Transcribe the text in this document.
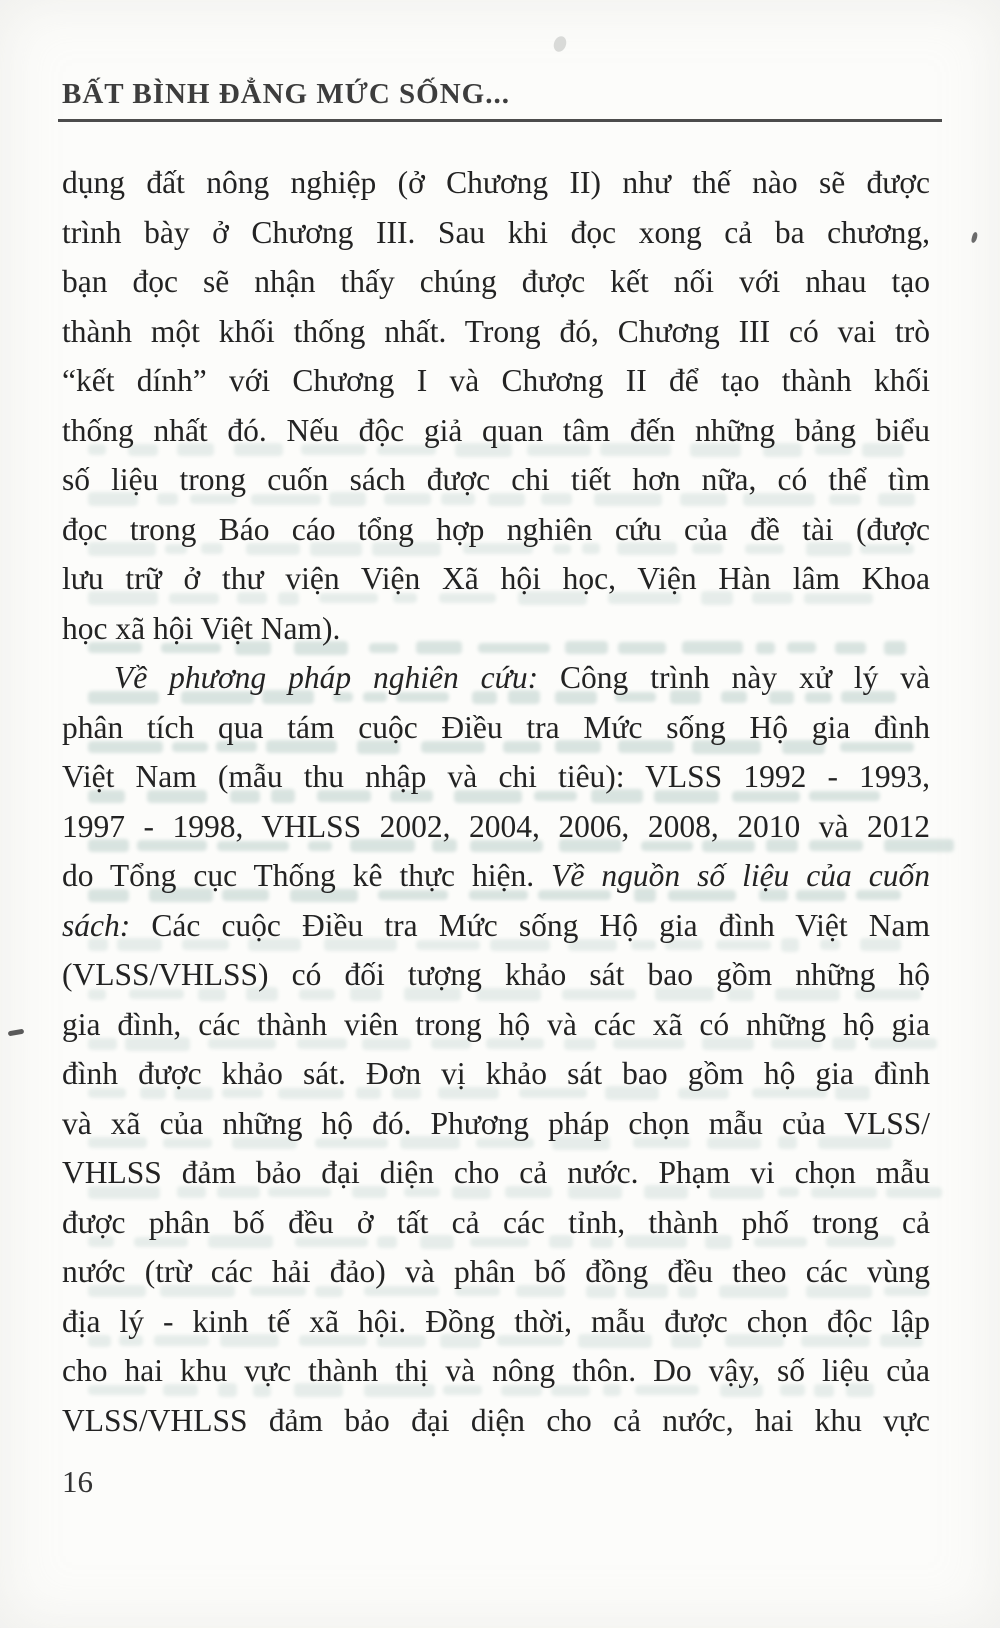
BẤT BÌNH ĐẲNG MỨC SỐNG...
dụng đất nông nghiệp (ở Chương II) như thế nào sẽ được
trình bày ở Chương III. Sau khi đọc xong cả ba chương,
bạn đọc sẽ nhận thấy chúng được kết nối với nhau tạo
thành một khối thống nhất. Trong đó, Chương III có vai trò
“kết dính” với Chương I và Chương II để tạo thành khối
thống nhất đó. Nếu độc giả quan tâm đến những bảng biểu
số liệu trong cuốn sách được chi tiết hơn nữa, có thể tìm
đọc trong Báo cáo tổng hợp nghiên cứu của đề tài (được
lưu trữ ở thư viện Viện Xã hội học, Viện Hàn lâm Khoa
học xã hội Việt Nam).
Về phương pháp nghiên cứu: Công trình này xử lý và
phân tích qua tám cuộc Điều tra Mức sống Hộ gia đình
Việt Nam (mẫu thu nhập và chi tiêu): VLSS 1992 - 1993,
1997 - 1998, VHLSS 2002, 2004, 2006, 2008, 2010 và 2012
do Tổng cục Thống kê thực hiện. Về nguồn số liệu của cuốn
sách: Các cuộc Điều tra Mức sống Hộ gia đình Việt Nam
(VLSS/VHLSS) có đối tượng khảo sát bao gồm những hộ
gia đình, các thành viên trong hộ và các xã có những hộ gia
đình được khảo sát. Đơn vị khảo sát bao gồm hộ gia đình
và xã của những hộ đó. Phương pháp chọn mẫu của VLSS/
VHLSS đảm bảo đại diện cho cả nước. Phạm vi chọn mẫu
được phân bố đều ở tất cả các tỉnh, thành phố trong cả
nước (trừ các hải đảo) và phân bố đồng đều theo các vùng
địa lý - kinh tế xã hội. Đồng thời, mẫu được chọn độc lập
cho hai khu vực thành thị và nông thôn. Do vậy, số liệu của
VLSS/VHLSS đảm bảo đại diện cho cả nước, hai khu vực
16
